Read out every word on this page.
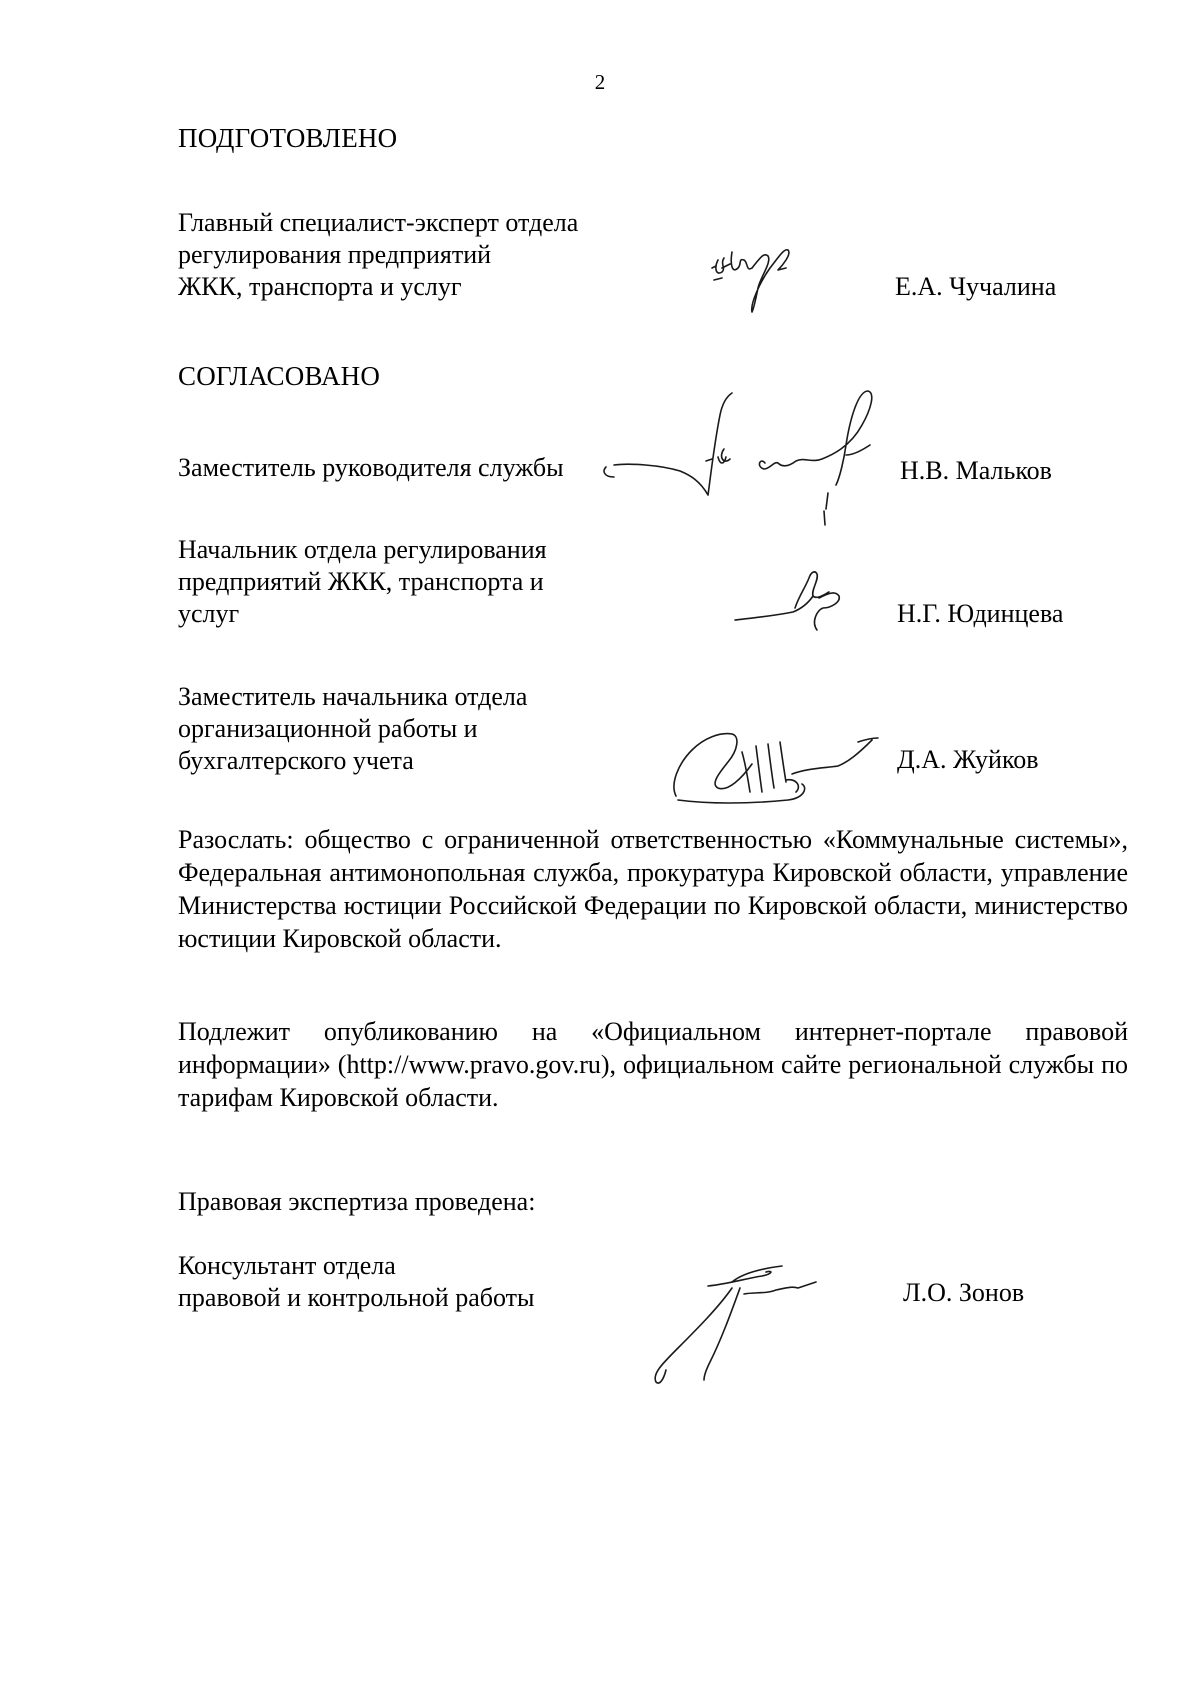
2
ПОДГОТОВЛЕНО
Главный специалист-эксперт отдела
регулирования предприятий
ЖКК, транспорта и услуг	Е.А. Чучалина
СОГЛАСОВАНО
Заместитель руководителя службы	Н.В. Мальков
Начальник отдела регулирования
предприятий ЖКК, транспорта и
услуг	Н.Г. Юдинцева
Заместитель начальника отдела
организационной работы и
бухгалтерского учета	Д.А. Жуйков
Разослать: общество с ограниченной ответственностью «Коммунальные системы», Федеральная антимонопольная служба, прокуратура Кировской области, управление Министерства юстиции Российской Федерации по Кировской области, министерство юстиции Кировской области.
Подлежит опубликованию на «Официальном интернет-портале правовой информации» (http://www.pravo.gov.ru), официальном сайте региональной службы по тарифам Кировской области.
Правовая экспертиза проведена:
Консультант отдела
правовой и контрольной работы	Л.О. Зонов
